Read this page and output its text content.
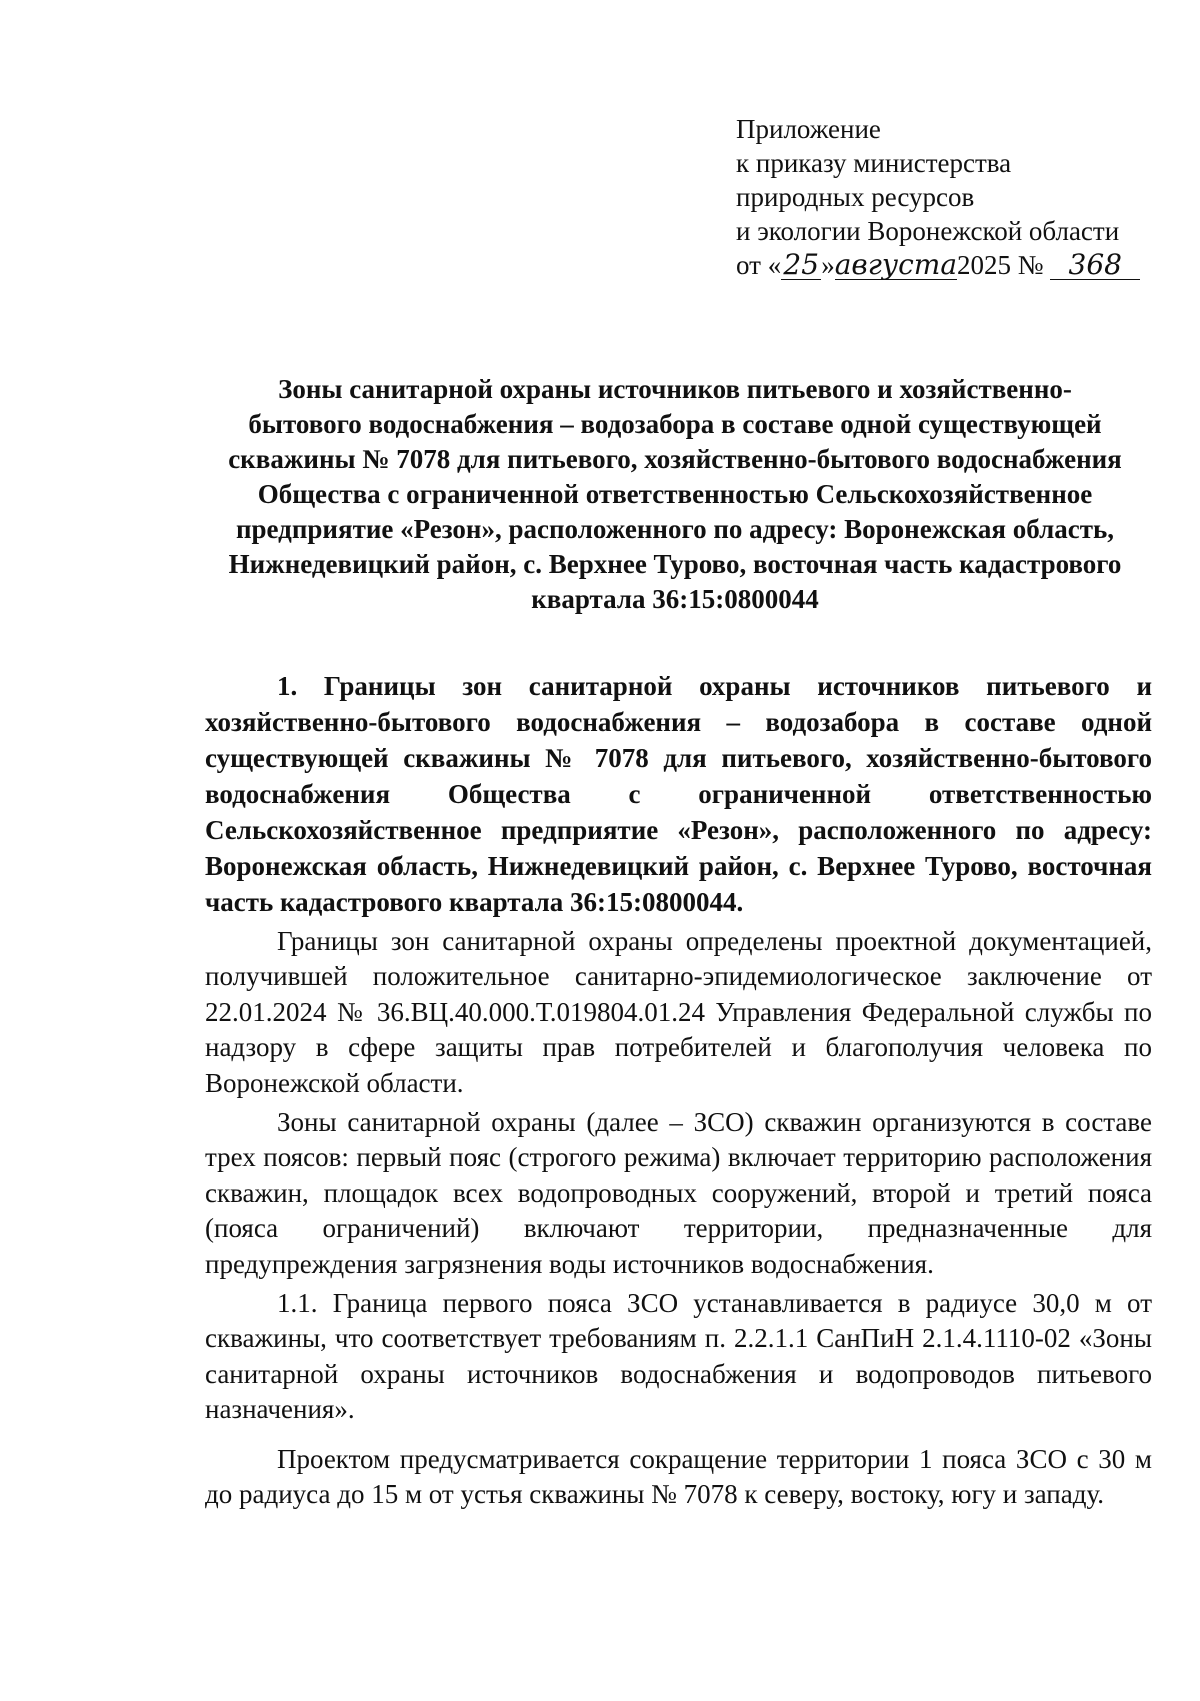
Приложение
к приказу министерства
природных ресурсов
и экологии Воронежской области
от «25»августа2025 № 368
Зоны санитарной охраны источников питьевого и хозяйственно-
бытового водоснабжения – водозабора в составе одной существующей
скважины № 7078 для питьевого, хозяйственно-бытового водоснабжения
Общества с ограниченной ответственностью Сельскохозяйственное
предприятие «Резон», расположенного по адресу: Воронежская область,
Нижнедевицкий район, с. Верхнее Турово, восточная часть кадастрового
квартала 36:15:0800044

1. Границы зон санитарной охраны источников питьевого и хозяйственно-бытового водоснабжения – водозабора в составе одной существующей скважины № 7078 для питьевого, хозяйственно-бытового водоснабжения Общества с ограниченной ответственностью Сельскохозяйственное предприятие «Резон», расположенного по адресу: Воронежская область, Нижнедевицкий район, с. Верхнее Турово, восточная часть кадастрового квартала 36:15:0800044.

Границы зон санитарной охраны определены проектной документацией, получившей положительное санитарно-эпидемиологическое заключение от 22.01.2024 № 36.ВЦ.40.000.Т.019804.01.24 Управления Федеральной службы по надзору в сфере защиты прав потребителей и благополучия человека по Воронежской области.

Зоны санитарной охраны (далее – ЗСО) скважин организуются в составе трех поясов: первый пояс (строгого режима) включает территорию расположения скважин, площадок всех водопроводных сооружений, второй и третий пояса (пояса ограничений) включают территории, предназначенные для предупреждения загрязнения воды источников водоснабжения.

1.1. Граница первого пояса ЗСО устанавливается в радиусе 30,0 м от скважины, что соответствует требованиям п. 2.2.1.1 СанПиН 2.1.4.1110-02 «Зоны санитарной охраны источников водоснабжения и водопроводов питьевого назначения».

Проектом предусматривается сокращение территории 1 пояса ЗСО с 30 м до радиуса до 15 м от устья скважины № 7078 к северу, востоку, югу и западу.
